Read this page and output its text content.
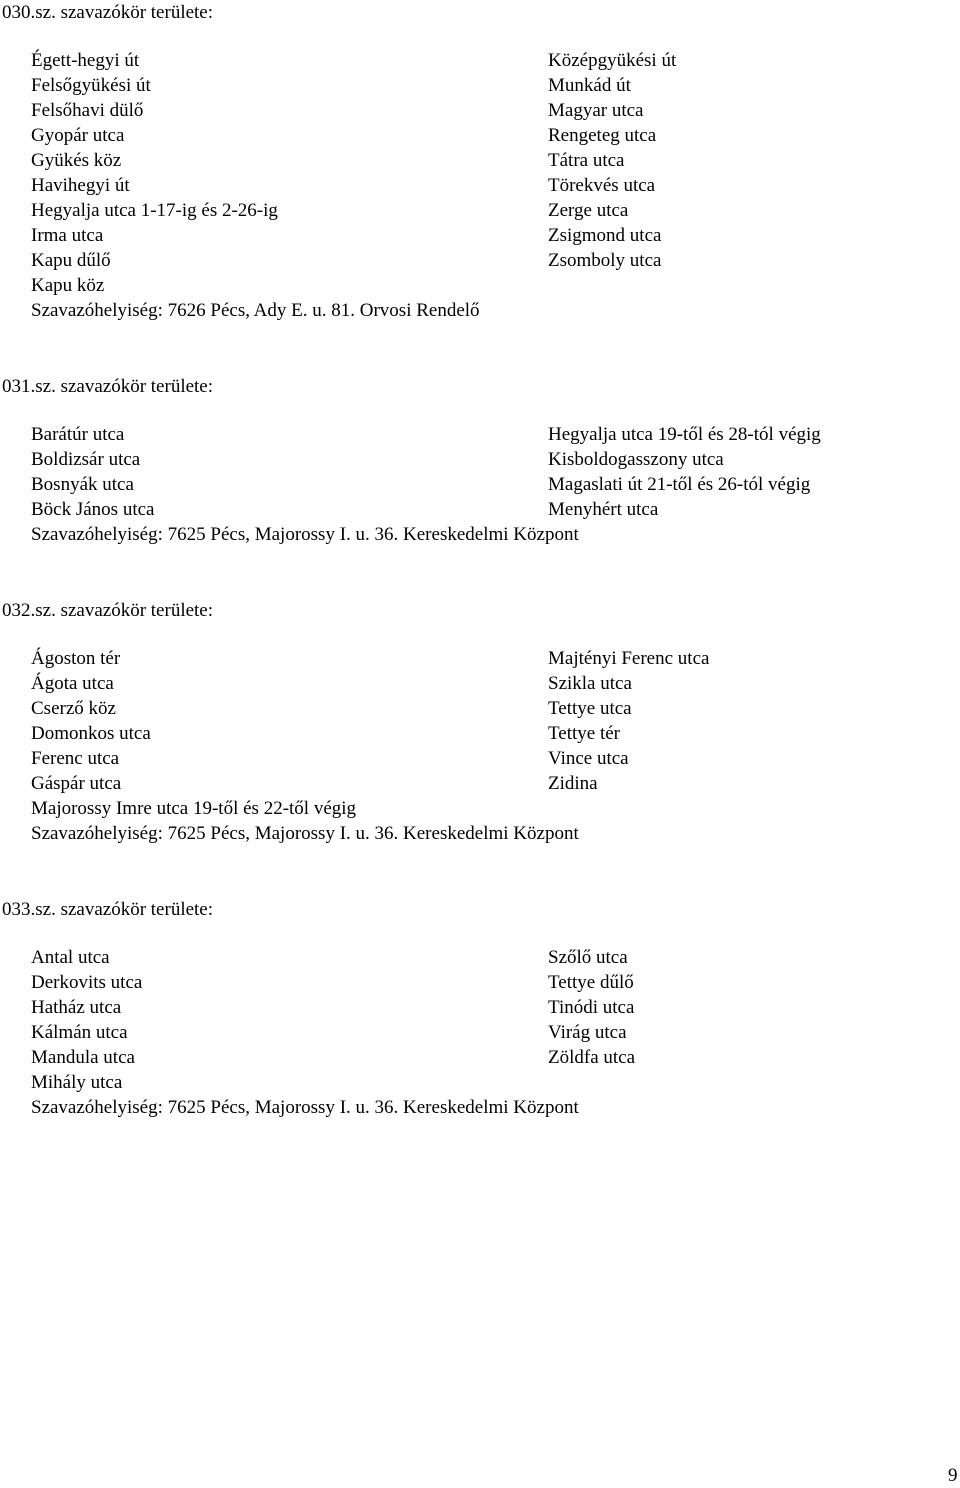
030.sz. szavazókör területe:
Égett-hegyi út
Felsőgyükési út
Felsőhavi dülő
Gyopár utca
Gyükés köz
Havihegyi út
Hegyalja utca 1-17-ig és 2-26-ig
Irma utca
Kapu dűlő
Kapu köz
Középgyükési út
Munkád út
Magyar utca
Rengeteg utca
Tátra utca
Törekvés utca
Zerge utca
Zsigmond utca
Zsomboly utca
Szavazóhelyiség: 7626 Pécs, Ady E. u. 81. Orvosi Rendelő
031.sz. szavazókör területe:
Barátúr utca
Boldizsár utca
Bosnyák utca
Böck János utca
Hegyalja utca 19-től és 28-tól végig
Kisboldogasszony utca
Magaslati út 21-től és 26-tól végig
Menyhért utca
Szavazóhelyiség: 7625 Pécs, Majorossy I. u. 36. Kereskedelmi Központ
032.sz. szavazókör területe:
Ágoston tér
Ágota utca
Cserző köz
Domonkos utca
Ferenc utca
Gáspár utca
Majtényi Ferenc utca
Szikla utca
Tettye utca
Tettye tér
Vince utca
Zidina
Majorossy Imre utca 19-től és 22-től végig
Szavazóhelyiség: 7625 Pécs, Majorossy I. u. 36. Kereskedelmi Központ
033.sz. szavazókör területe:
Antal utca
Derkovits utca
Hatház utca
Kálmán utca
Mandula utca
Mihály utca
Szőlő utca
Tettye dűlő
Tinódi utca
Virág utca
Zöldfa utca
Szavazóhelyiség: 7625 Pécs, Majorossy I. u. 36. Kereskedelmi Központ
9
